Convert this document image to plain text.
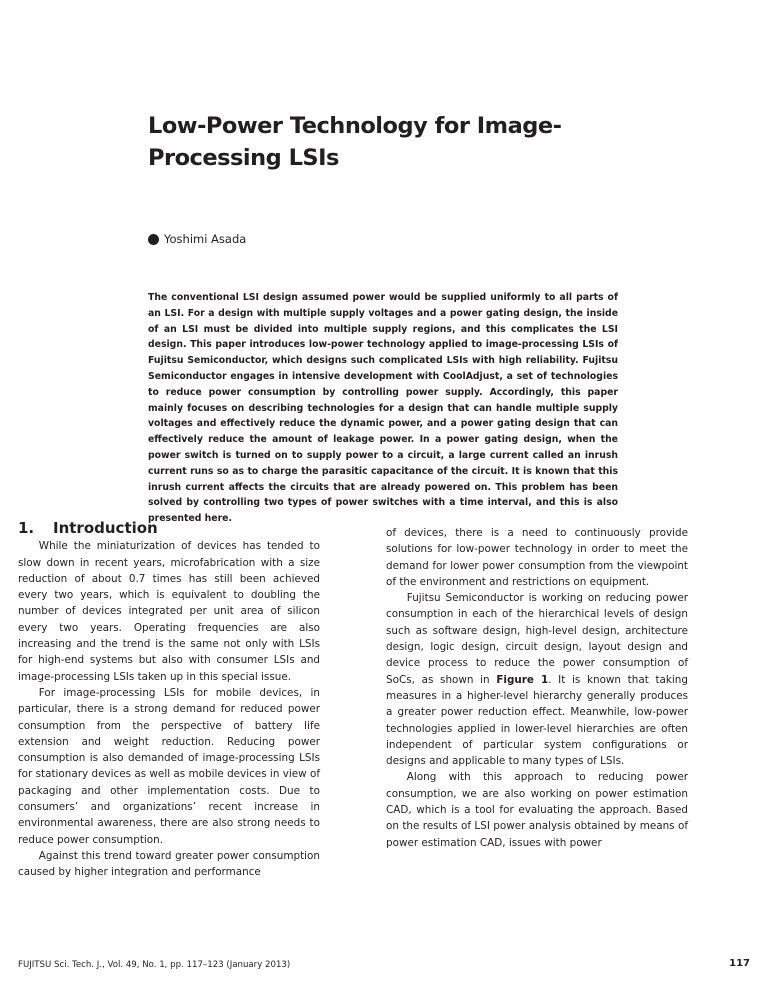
Low-Power Technology for Image-Processing LSIs
Yoshimi Asada

The conventional LSI design assumed power would be supplied uniformly to all parts of an LSI. For a design with multiple supply voltages and a power gating design, the inside of an LSI must be divided into multiple supply regions, and this complicates the LSI design. This paper introduces low-power technology applied to image-processing LSIs of Fujitsu Semiconductor, which designs such complicated LSIs with high reliability. Fujitsu Semiconductor engages in intensive development with CoolAdjust, a set of technologies to reduce power consumption by controlling power supply. Accordingly, this paper mainly focuses on describing technologies for a design that can handle multiple supply voltages and effectively reduce the dynamic power, and a power gating design that can effectively reduce the amount of leakage power. In a power gating design, when the power switch is turned on to supply power to a circuit, a large current called an inrush current runs so as to charge the parasitic capacitance of the circuit. It is known that this inrush current affects the circuits that are already powered on. This problem has been solved by controlling two types of power switches with a time interval, and this is also presented here.

1.	Introduction

While the miniaturization of devices has tended to slow down in recent years, microfabrication with a size reduction of about 0.7 times has still been achieved every two years, which is equivalent to doubling the number of devices integrated per unit area of silicon every two years. Operating frequencies are also increasing and the trend is the same not only with LSIs for high-end systems but also with consumer LSIs and image-processing LSIs taken up in this special issue.

For image-processing LSIs for mobile devices, in particular, there is a strong demand for reduced power consumption from the perspective of battery life extension and weight reduction. Reducing power consumption is also demanded of image-processing LSIs for stationary devices as well as mobile devices in view of packaging and other implementation costs. Due to consumers’ and organizations’ recent increase in environmental awareness, there are also strong needs to reduce power consumption.

Against this trend toward greater power consumption caused by higher integration and performance

of devices, there is a need to continuously provide solutions for low-power technology in order to meet the demand for lower power consumption from the viewpoint of the environment and restrictions on equipment.

Fujitsu Semiconductor is working on reducing power consumption in each of the hierarchical levels of design such as software design, high-level design, architecture design, logic design, circuit design, layout design and device process to reduce the power consumption of SoCs, as shown in Figure 1. It is known that taking measures in a higher-level hierarchy generally produces a greater power reduction effect. Meanwhile, low-power technologies applied in lower-level hierarchies are often independent of particular system configurations or designs and applicable to many types of LSIs.

Along with this approach to reducing power consumption, we are also working on power estimation CAD, which is a tool for evaluating the approach. Based on the results of LSI power analysis obtained by means of power estimation CAD, issues with power

FUJITSU Sci. Tech. J., Vol. 49, No. 1, pp. 117–123 (January 2013)	117
